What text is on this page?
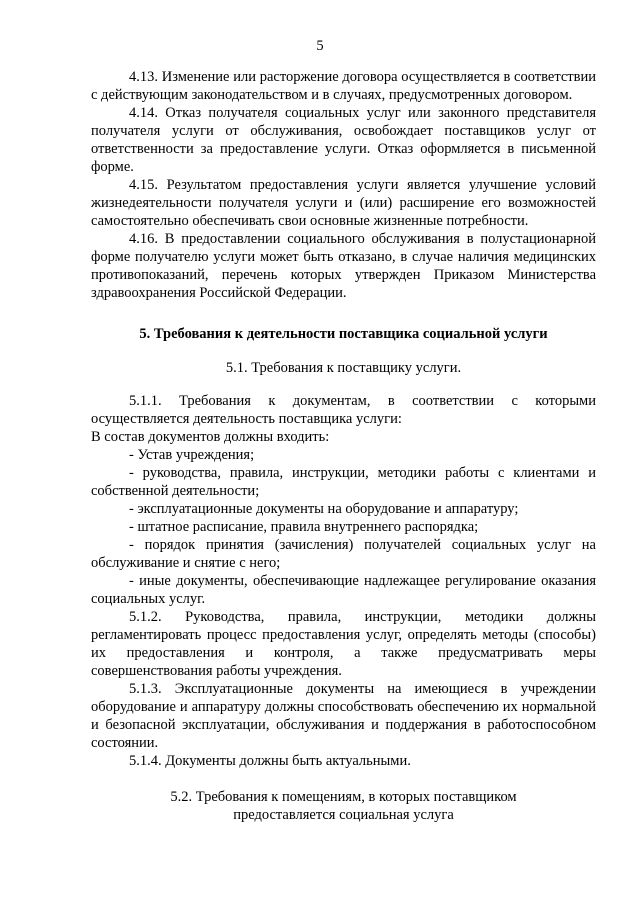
5

4.13. Изменение или расторжение договора осуществляется в соответствии с действующим законодательством и в случаях, предусмотренных договором.

4.14. Отказ получателя социальных услуг или законного представителя получателя услуги от обслуживания, освобождает поставщиков услуг от ответственности за предоставление услуги. Отказ оформляется в письменной форме.

4.15. Результатом предоставления услуги является улучшение условий жизнедеятельности получателя услуги и (или) расширение его возможностей самостоятельно обеспечивать свои основные жизненные потребности.

4.16. В предоставлении социального обслуживания в полустационарной форме получателю услуги может быть отказано, в случае наличия медицинских противопоказаний, перечень которых утвержден Приказом Министерства здравоохранения Российской Федерации.

5. Требования к деятельности поставщика социальной услуги

5.1. Требования к поставщику услуги.

5.1.1. Требования к документам, в соответствии с которыми осуществляется деятельность поставщика услуги:

В состав документов должны входить:

- Устав учреждения;

- руководства, правила, инструкции, методики работы с клиентами и собственной деятельности;

- эксплуатационные документы на оборудование и аппаратуру;

- штатное расписание, правила внутреннего распорядка;

- порядок принятия (зачисления) получателей социальных услуг на обслуживание и снятие с него;

- иные документы, обеспечивающие надлежащее регулирование оказания социальных услуг.

5.1.2. Руководства, правила, инструкции, методики должны регламентировать процесс предоставления услуг, определять методы (способы) их предоставления и контроля, а также предусматривать меры совершенствования работы учреждения.

5.1.3. Эксплуатационные документы на имеющиеся в учреждении оборудование и аппаратуру должны способствовать обеспечению их нормальной и безопасной эксплуатации, обслуживания и поддержания в работоспособном состоянии.

5.1.4. Документы должны быть актуальными.

5.2. Требования к помещениям, в которых поставщиком

предоставляется социальная услуга
